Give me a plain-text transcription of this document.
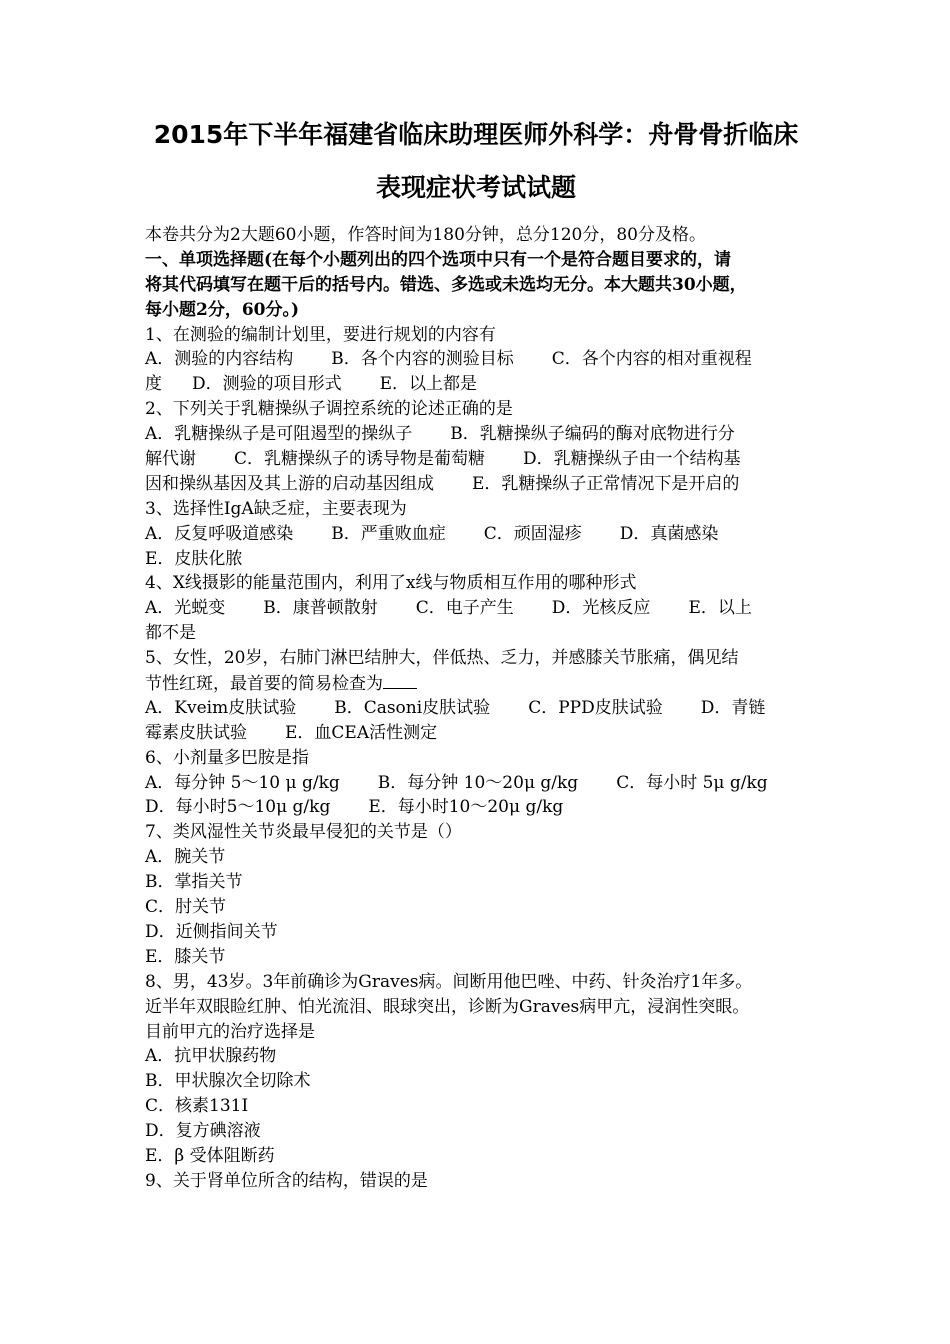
2015年下半年福建省临床助理医师外科学：舟骨骨折临床
表现症状考试试题
本卷共分为2大题60小题，作答时间为180分钟，总分120分，80分及格。
一、单项选择题(在每个小题列出的四个选项中只有一个是符合题目要求的，请
将其代码填写在题干后的括号内。错选、多选或未选均无分。本大题共30小题，
每小题2分，60分。)
1、在测验的编制计划里，要进行规划的内容有
A．测验的内容结构 B．各个内容的测验目标 C．各个内容的相对重视程
度 D．测验的项目形式 E．以上都是
2、下列关于乳糖操纵子调控系统的论述正确的是
A．乳糖操纵子是可阻遏型的操纵子 B．乳糖操纵子编码的酶对底物进行分
解代谢 C．乳糖操纵子的诱导物是葡萄糖 D．乳糖操纵子由一个结构基
因和操纵基因及其上游的启动基因组成 E．乳糖操纵子正常情况下是开启的
3、选择性IgA缺乏症，主要表现为
A．反复呼吸道感染 B．严重败血症 C．顽固湿疹 D．真菌感染
E．皮肤化脓
4、X线摄影的能量范围内，利用了x线与物质相互作用的哪种形式
A．光蜕变 B．康普顿散射 C．电子产生 D．光核反应 E．以上
都不是
5、女性，20岁，右肺门淋巴结肿大，伴低热、乏力，并感膝关节胀痛，偶见结
节性红斑，最首要的简易检查为
A．Kveim皮肤试验 B．Casoni皮肤试验 C．PPD皮肤试验 D．青链
霉素皮肤试验 E．血CEA活性测定
6、小剂量多巴胺是指
A．每分钟 5～10 μ g/kg B．每分钟 10～20μ g/kg C．每小时 5μ g/kg
D．每小时5～10μ g/kg E．每小时10～20μ g/kg
7、类风湿性关节炎最早侵犯的关节是（）
A．腕关节
B．掌指关节
C．肘关节
D．近侧指间关节
E．膝关节
8、男，43岁。3年前确诊为Graves病。间断用他巴唑、中药、针灸治疗1年多。
近半年双眼睑红肿、怕光流泪、眼球突出，诊断为Graves病甲亢，浸润性突眼。
目前甲亢的治疗选择是
A．抗甲状腺药物
B．甲状腺次全切除术
C．核素131I
D．复方碘溶液
E．β 受体阻断药
9、关于肾单位所含的结构，错误的是
